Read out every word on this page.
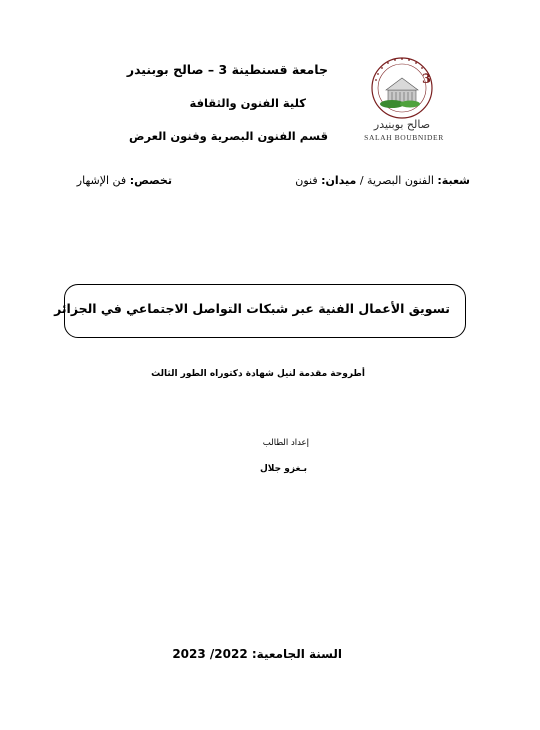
جامعة قسنطينة 3 – صالح بوبنيدر
كلية الفنون والثقافة
قسم الفنون البصرية وفنون العرض
3
صالح بوبنيدر
SALAH BOUBNIDER
شعبة: الفنون البصرية / ميدان: فنون
تخصص: فن الإشهار
تسويق الأعمال الفنية عبر شبكات التواصل الاجتماعي في الجزائر
أطروحة مقدمة لنيل شهادة دكتوراه الطور الثالث
إعداد الطالب
بـغزو جلال
السنة الجامعية: 2022/ 2023
